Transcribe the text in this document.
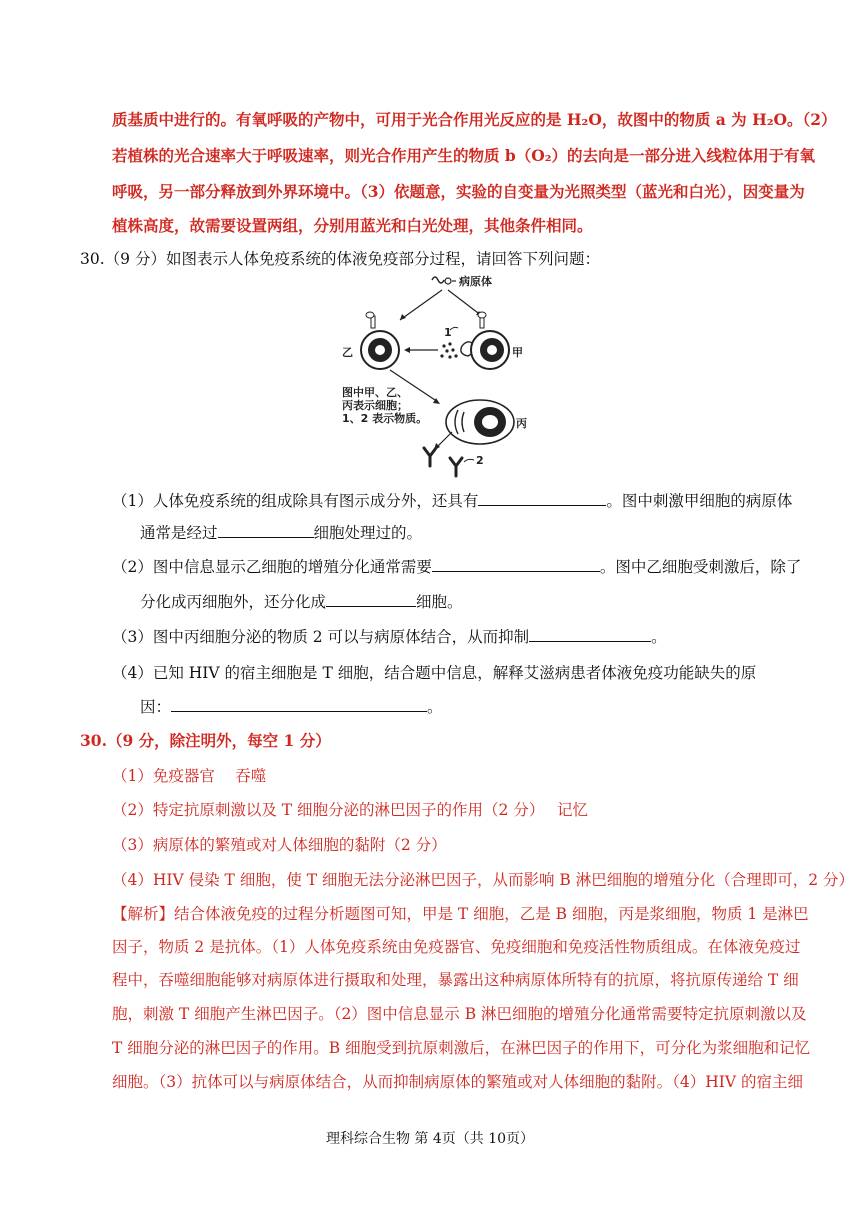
质基质中进行的。有氧呼吸的产物中，可用于光合作用光反应的是 H₂O，故图中的物质 a 为 H₂O。（2）
若植株的光合速率大于呼吸速率，则光合作用产生的物质 b（O₂）的去向是一部分进入线粒体用于有氧
呼吸，另一部分释放到外界环境中。（3）依题意，实验的自变量为光照类型（蓝光和白光），因变量为
植株高度，故需要设置两组，分别用蓝光和白光处理，其他条件相同。
30.（9 分）如图表示人体免疫系统的体液免疫部分过程，请回答下列问题：
病原体
乙
1
甲
图中甲、乙、
丙表示细胞；
1、2 表示物质。	丙
2
（1）人体免疫系统的组成除具有图示成分外，还具有	。图中刺激甲细胞的病原体
通常是经过	细胞处理过的。
（2）图中信息显示乙细胞的增殖分化通常需要	。图中乙细胞受刺激后，除了
分化成丙细胞外，还分化成	细胞。
（3）图中丙细胞分泌的物质 2 可以与病原体结合，从而抑制	。
（4）已知 HIV 的宿主细胞是 T 细胞，结合题中信息，解释艾滋病患者体液免疫功能缺失的原
因：	。
30.（9 分，除注明外，每空 1 分）
（1）免疫器官　 吞噬
（2）特定抗原刺激以及 T 细胞分泌的淋巴因子的作用（2 分）　 记忆
（3）病原体的繁殖或对人体细胞的黏附（2 分）
（4）HIV 侵染 T 细胞，使 T 细胞无法分泌淋巴因子，从而影响 B 淋巴细胞的增殖分化（合理即可，2 分）
【解析】结合体液免疫的过程分析题图可知，甲是 T 细胞，乙是 B 细胞，丙是浆细胞，物质 1 是淋巴
因子，物质 2 是抗体。（1）人体免疫系统由免疫器官、免疫细胞和免疫活性物质组成。在体液免疫过
程中，吞噬细胞能够对病原体进行摄取和处理，暴露出这种病原体所特有的抗原，将抗原传递给 T 细
胞，刺激 T 细胞产生淋巴因子。（2）图中信息显示 B 淋巴细胞的增殖分化通常需要特定抗原刺激以及
T 细胞分泌的淋巴因子的作用。B 细胞受到抗原刺激后，在淋巴因子的作用下，可分化为浆细胞和记忆
细胞。（3）抗体可以与病原体结合，从而抑制病原体的繁殖或对人体细胞的黏附。（4）HIV 的宿主细
理科综合生物 第 4页（共 10页）
